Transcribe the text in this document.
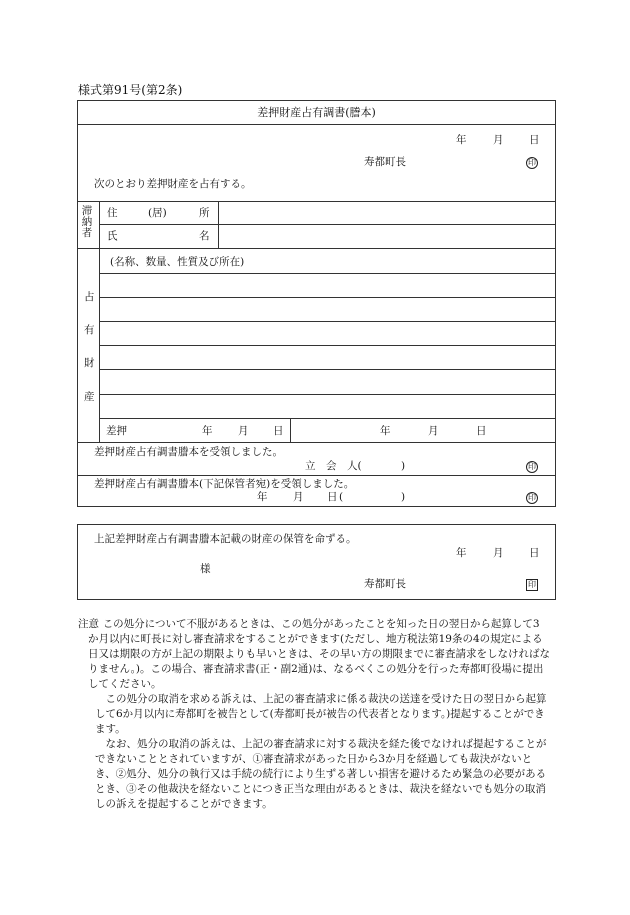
様式第91号(第2条)
差押財産占有調書(謄本)
年	月 日
寿都町長	印
次のとおり差押財産を占有する。
滞納者
住	(居)	所
氏	名
占
有
財
産
(名称、数量、性質及び所在)
差押	年 月 日	年	月	日
差押財産占有調書謄本を受領しました。
立　会　人(	)	印
差押財産占有調書謄本(下記保管者宛)を受領しました。
年 月 日 (	)	印
上記差押財産占有調書謄本記載の財産の保管を命ずる。
年	月 日
様
寿都町長	印
注意 この処分について不服があるときは、この処分があったことを知った日の翌日から起算して3か月以内に町長に対し審査請求をすることができます(ただし、地方税法第19条の4の規定による日又は期限の方が上記の期限よりも早いときは、その早い方の期限までに審査請求をしなければなりません。)。この場合、審査請求書(正・副2通)は、なるべくこの処分を行った寿都町役場に提出してください。
この処分の取消を求める訴えは、上記の審査請求に係る裁決の送達を受けた日の翌日から起算して6か月以内に寿都町を被告として(寿都町長が被告の代表者となります。)提起することができます。
なお、処分の取消の訴えは、上記の審査請求に対する裁決を経た後でなければ提起することができないこととされていますが、①審査請求があった日から3か月を経過しても裁決がないとき、②処分、処分の執行又は手続の続行により生ずる著しい損害を避けるため緊急の必要があるとき、③その他裁決を経ないことにつき正当な理由があるときは、裁決を経ないでも処分の取消しの訴えを提起することができます。
